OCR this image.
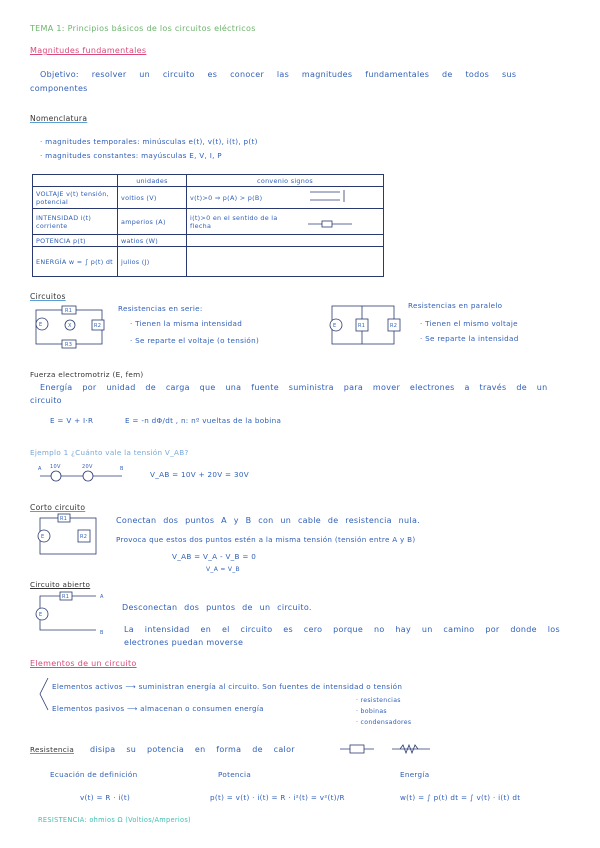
TEMA 1: Principios básicos de los circuitos eléctricos
Magnitudes fundamentales
Objetivo: resolver un circuito es conocer las magnitudes fundamentales de todos sus
componentes
Nomenclatura
· magnitudes temporales: minúsculas e(t), v(t), i(t), p(t)
· magnitudes constantes: mayúsculas E, V, I, P
	unidades	convenio signos
VOLTAJE v(t) tensión, potencial	voltios (V)	v(t)>0 ⇒ p(A) > p(B)
INTENSIDAD i(t) corriente	amperios (A)	i(t)>0 en el sentido de la flecha
POTENCIA p(t)	watios (W)	
ENERGÍA w = ∫ p(t) dt	julios (J)	
Circuitos
E	X
R1
R2
R3
Resistencias en serie:
· Tienen la misma intensidad
· Se reparte el voltaje (o tensión)
E	R1	R2
Resistencias en paralelo
· Tienen el mismo voltaje
· Se reparte la intensidad
Fuerza electromotriz (E, fem)
Energía por unidad de carga que una fuente suministra para mover electrones a través de un
circuito
E = V + I·R	E = -n dΦ/dt , n: nº vueltas de la bobina
Ejemplo 1 ¿Cuánto vale la tensión V_AB?
A	B
10V	20V
V_AB = 10V + 20V = 30V
Corto circuito
E
R1
R2
Conectan dos puntos A y B con un cable de resistencia nula.
Provoca que estos dos puntos estén a la misma tensión (tensión entre A y B)
V_AB = V_A - V_B = 0
V_A = V_B
Circuito abierto
E
R1	A
B
Desconectan dos puntos de un circuito.
La intensidad en el circuito es cero porque no hay un camino por donde los
electrones puedan moverse
Elementos de un circuito
Elementos activos ⟶ suministran energía al circuito. Son fuentes de intensidad o tensión
Elementos pasivos ⟶ almacenan o consumen energía
· resistencias
· bobinas
· condensadores
Resistencia disipa su potencia en forma de calor
Ecuación de definición	Potencia	Energía
v(t) = R · i(t)	p(t) = v(t) · i(t) = R · i²(t) = v²(t)/R	w(t) = ∫ p(t) dt = ∫ v(t) · i(t) dt
RESISTENCIA: ohmios Ω (Voltios/Amperios)
